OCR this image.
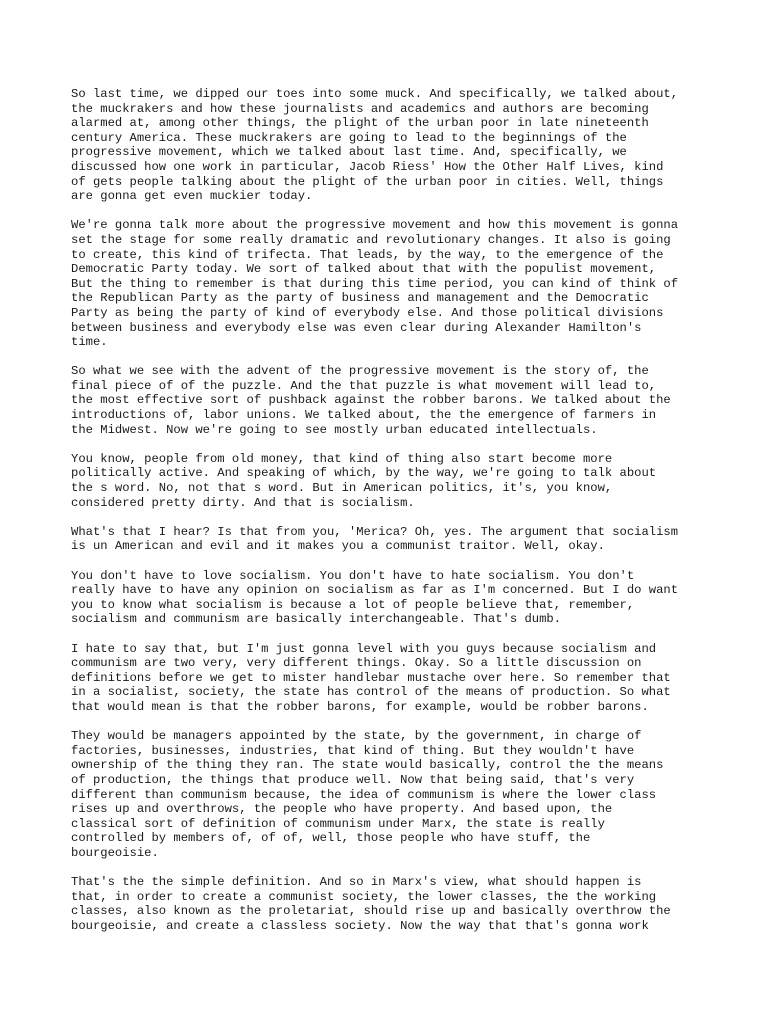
So last time, we dipped our toes into some muck. And specifically, we talked about,
the muckrakers and how these journalists and academics and authors are becoming
alarmed at, among other things, the plight of the urban poor in late nineteenth
century America. These muckrakers are going to lead to the beginnings of the
progressive movement, which we talked about last time. And, specifically, we
discussed how one work in particular, Jacob Riess' How the Other Half Lives, kind
of gets people talking about the plight of the urban poor in cities. Well, things
are gonna get even muckier today.

We're gonna talk more about the progressive movement and how this movement is gonna
set the stage for some really dramatic and revolutionary changes. It also is going
to create, this kind of trifecta. That leads, by the way, to the emergence of the
Democratic Party today. We sort of talked about that with the populist movement,
But the thing to remember is that during this time period, you can kind of think of
the Republican Party as the party of business and management and the Democratic
Party as being the party of kind of everybody else. And those political divisions
between business and everybody else was even clear during Alexander Hamilton's
time.

So what we see with the advent of the progressive movement is the story of, the
final piece of of the puzzle. And the that puzzle is what movement will lead to,
the most effective sort of pushback against the robber barons. We talked about the
introductions of, labor unions. We talked about, the the emergence of farmers in
the Midwest. Now we're going to see mostly urban educated intellectuals.

You know, people from old money, that kind of thing also start become more
politically active. And speaking of which, by the way, we're going to talk about
the s word. No, not that s word. But in American politics, it's, you know,
considered pretty dirty. And that is socialism.

What's that I hear? Is that from you, 'Merica? Oh, yes. The argument that socialism
is un American and evil and it makes you a communist traitor. Well, okay.

You don't have to love socialism. You don't have to hate socialism. You don't
really have to have any opinion on socialism as far as I'm concerned. But I do want
you to know what socialism is because a lot of people believe that, remember,
socialism and communism are basically interchangeable. That's dumb.

I hate to say that, but I'm just gonna level with you guys because socialism and
communism are two very, very different things. Okay. So a little discussion on
definitions before we get to mister handlebar mustache over here. So remember that
in a socialist, society, the state has control of the means of production. So what
that would mean is that the robber barons, for example, would be robber barons.

They would be managers appointed by the state, by the government, in charge of
factories, businesses, industries, that kind of thing. But they wouldn't have
ownership of the thing they ran. The state would basically, control the the means
of production, the things that produce well. Now that being said, that's very
different than communism because, the idea of communism is where the lower class
rises up and overthrows, the people who have property. And based upon, the
classical sort of definition of communism under Marx, the state is really
controlled by members of, of of, well, those people who have stuff, the
bourgeoisie.

That's the the simple definition. And so in Marx's view, what should happen is
that, in order to create a communist society, the lower classes, the the working
classes, also known as the proletariat, should rise up and basically overthrow the
bourgeoisie, and create a classless society. Now the way that that's gonna work
